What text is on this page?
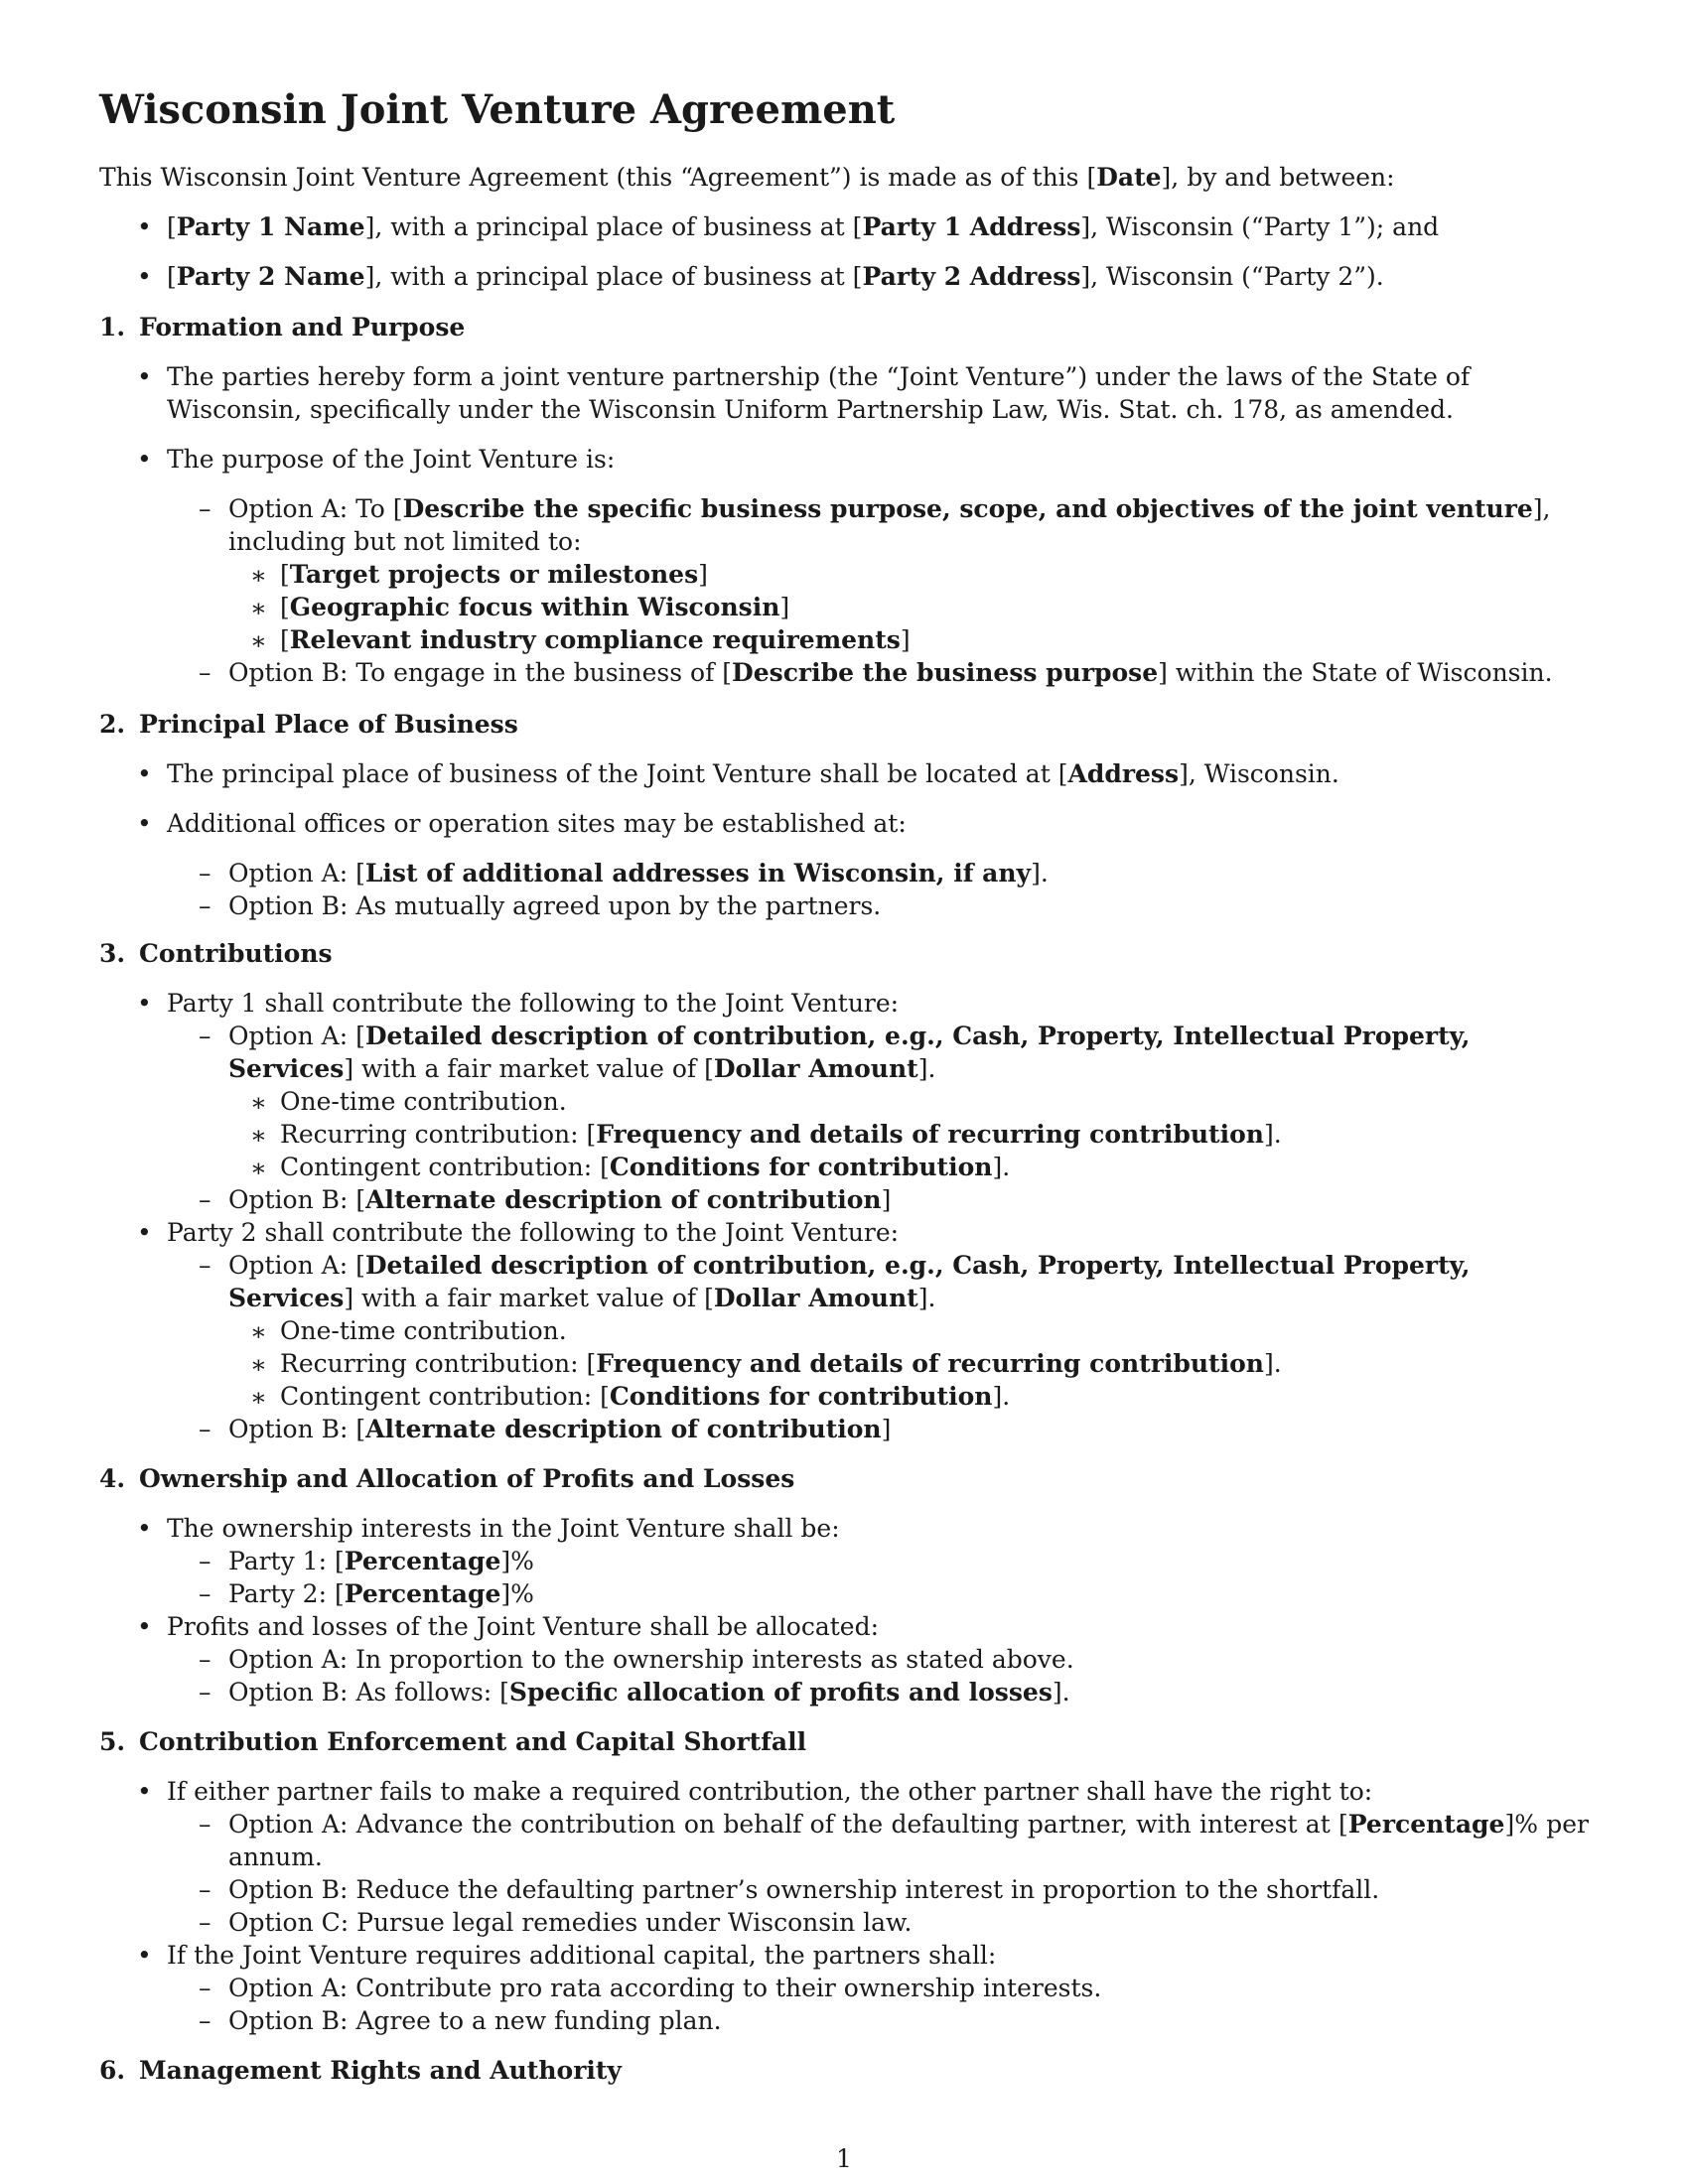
Wisconsin Joint Venture Agreement
This Wisconsin Joint Venture Agreement (this “Agreement”) is made as of this [Date], by and between:
• [Party 1 Name], with a principal place of business at [Party 1 Address], Wisconsin (“Party 1”); and
• [Party 2 Name], with a principal place of business at [Party 2 Address], Wisconsin (“Party 2”).
1. Formation and Purpose
• The parties hereby form a joint venture partnership (the “Joint Venture”) under the laws of the State of Wisconsin, specifically under the Wisconsin Uniform Partnership Law, Wis. Stat. ch. 178, as amended.
• The purpose of the Joint Venture is:
– Option A: To [Describe the specific business purpose, scope, and objectives of the joint venture], including but not limited to:
∗ [Target projects or milestones]
∗ [Geographic focus within Wisconsin]
∗ [Relevant industry compliance requirements]
– Option B: To engage in the business of [Describe the business purpose] within the State of Wisconsin.
2. Principal Place of Business
• The principal place of business of the Joint Venture shall be located at [Address], Wisconsin.
• Additional offices or operation sites may be established at:
– Option A: [List of additional addresses in Wisconsin, if any].
– Option B: As mutually agreed upon by the partners.
3. Contributions
• Party 1 shall contribute the following to the Joint Venture:
– Option A: [Detailed description of contribution, e.g., Cash, Property, Intellectual Property, Services] with a fair market value of [Dollar Amount].
∗ One-time contribution.
∗ Recurring contribution: [Frequency and details of recurring contribution].
∗ Contingent contribution: [Conditions for contribution].
– Option B: [Alternate description of contribution]
• Party 2 shall contribute the following to the Joint Venture:
– Option A: [Detailed description of contribution, e.g., Cash, Property, Intellectual Property, Services] with a fair market value of [Dollar Amount].
∗ One-time contribution.
∗ Recurring contribution: [Frequency and details of recurring contribution].
∗ Contingent contribution: [Conditions for contribution].
– Option B: [Alternate description of contribution]
4. Ownership and Allocation of Profits and Losses
• The ownership interests in the Joint Venture shall be:
– Party 1: [Percentage]%
– Party 2: [Percentage]%
• Profits and losses of the Joint Venture shall be allocated:
– Option A: In proportion to the ownership interests as stated above.
– Option B: As follows: [Specific allocation of profits and losses].
5. Contribution Enforcement and Capital Shortfall
• If either partner fails to make a required contribution, the other partner shall have the right to:
– Option A: Advance the contribution on behalf of the defaulting partner, with interest at [Percentage]% per annum.
– Option B: Reduce the defaulting partner’s ownership interest in proportion to the shortfall.
– Option C: Pursue legal remedies under Wisconsin law.
• If the Joint Venture requires additional capital, the partners shall:
– Option A: Contribute pro rata according to their ownership interests.
– Option B: Agree to a new funding plan.
6. Management Rights and Authority
1
